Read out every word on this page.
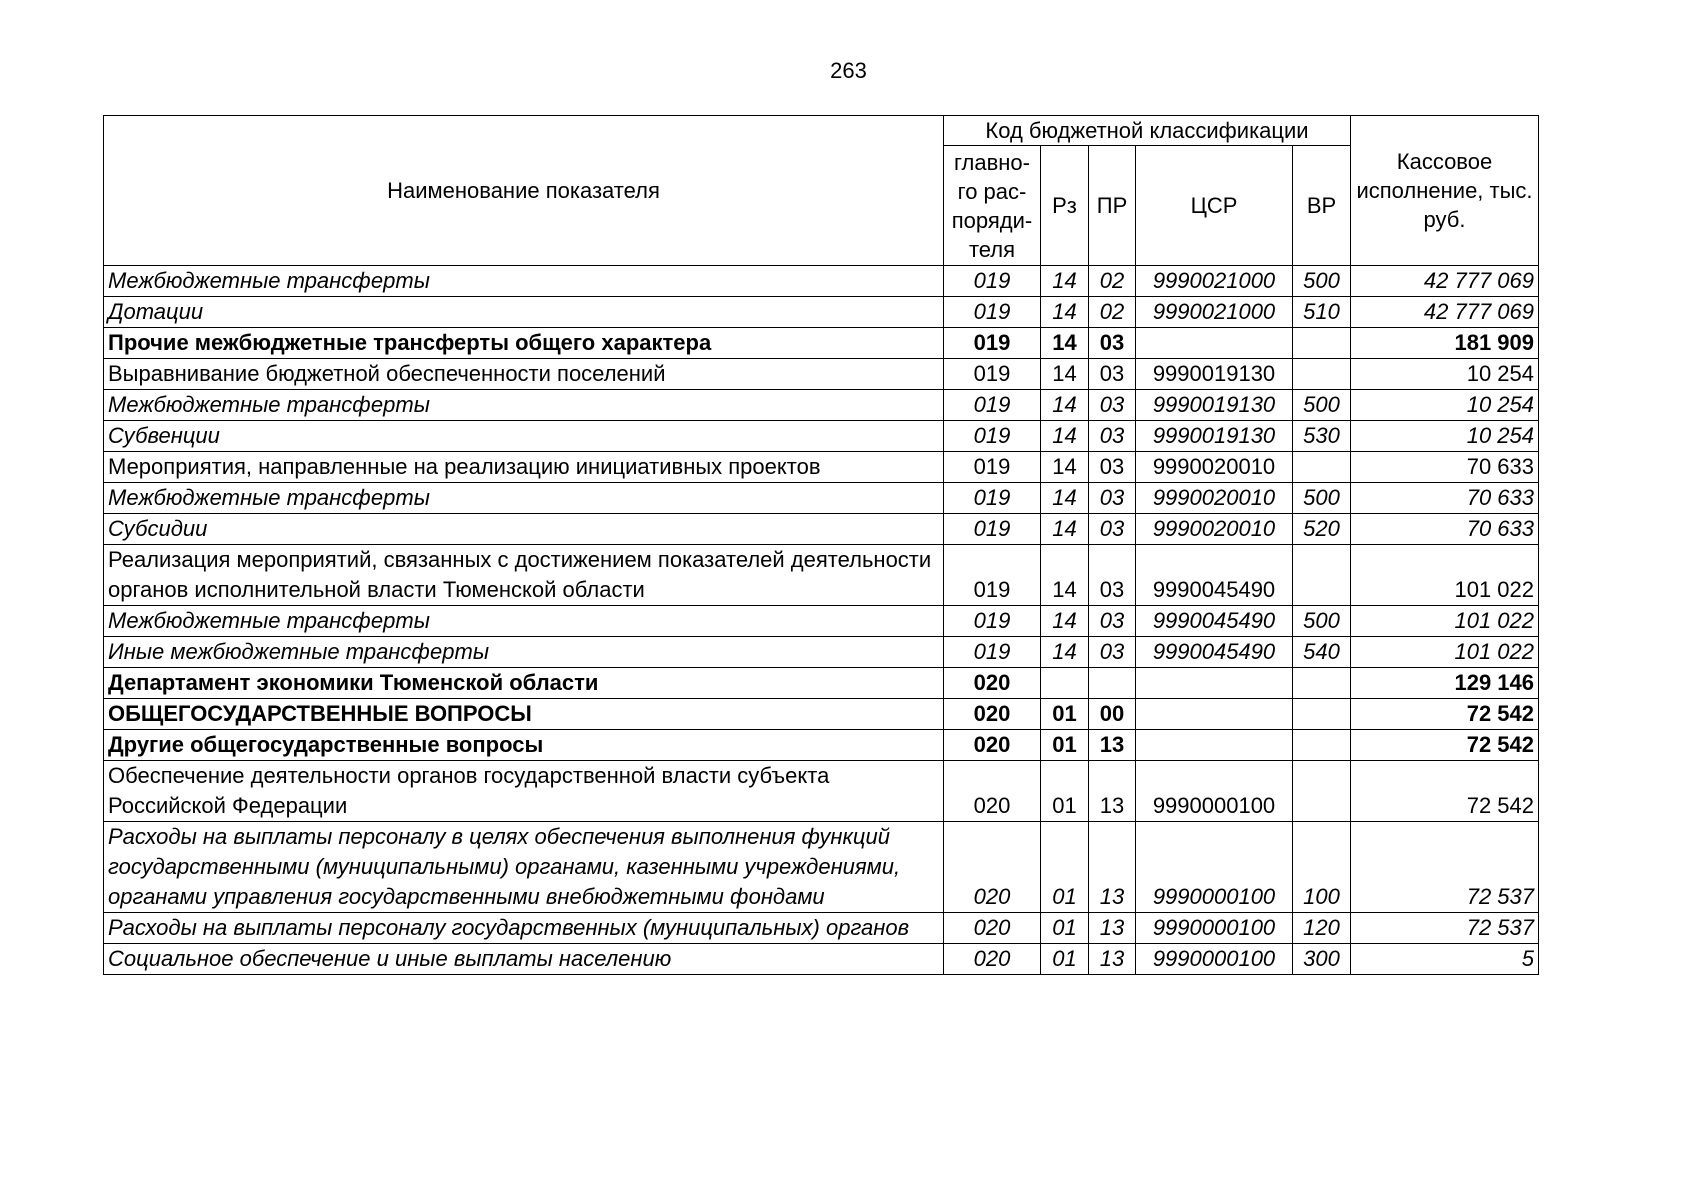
263
Наименование показателя	Код бюджетной классификации					Кассовое исполнение, тыс. руб.
	главно-го рас-поряди-теля	Рз	ПР	ЦСР	ВР	
Межбюджетные трансферты	019	14	02	9990021000	500	42 777 069
Дотации	019	14	02	9990021000	510	42 777 069
Прочие межбюджетные трансферты общего характера	019	14	03			181 909
Выравнивание бюджетной обеспеченности поселений	019	14	03	9990019130		10 254
Межбюджетные трансферты	019	14	03	9990019130	500	10 254
Субвенции	019	14	03	9990019130	530	10 254
Мероприятия, направленные на реализацию инициативных проектов	019	14	03	9990020010		70 633
Межбюджетные трансферты	019	14	03	9990020010	500	70 633
Субсидии	019	14	03	9990020010	520	70 633
Реализация мероприятий, связанных с достижением показателей деятельности органов исполнительной власти Тюменской области	019	14	03	9990045490		101 022
Межбюджетные трансферты	019	14	03	9990045490	500	101 022
Иные межбюджетные трансферты	019	14	03	9990045490	540	101 022
Департамент экономики Тюменской области	020					129 146
ОБЩЕГОСУДАРСТВЕННЫЕ ВОПРОСЫ	020	01	00			72 542
Другие общегосударственные вопросы	020	01	13			72 542
Обеспечение деятельности органов государственной власти субъекта Российской Федерации	020	01	13	9990000100		72 542
Расходы на выплаты персоналу в целях обеспечения выполнения функций государственными (муниципальными) органами, казенными учреждениями, органами управления государственными внебюджетными фондами	020	01	13	9990000100	100	72 537
Расходы на выплаты персоналу государственных (муниципальных) органов	020	01	13	9990000100	120	72 537
Социальное обеспечение и иные выплаты населению	020	01	13	9990000100	300	5
